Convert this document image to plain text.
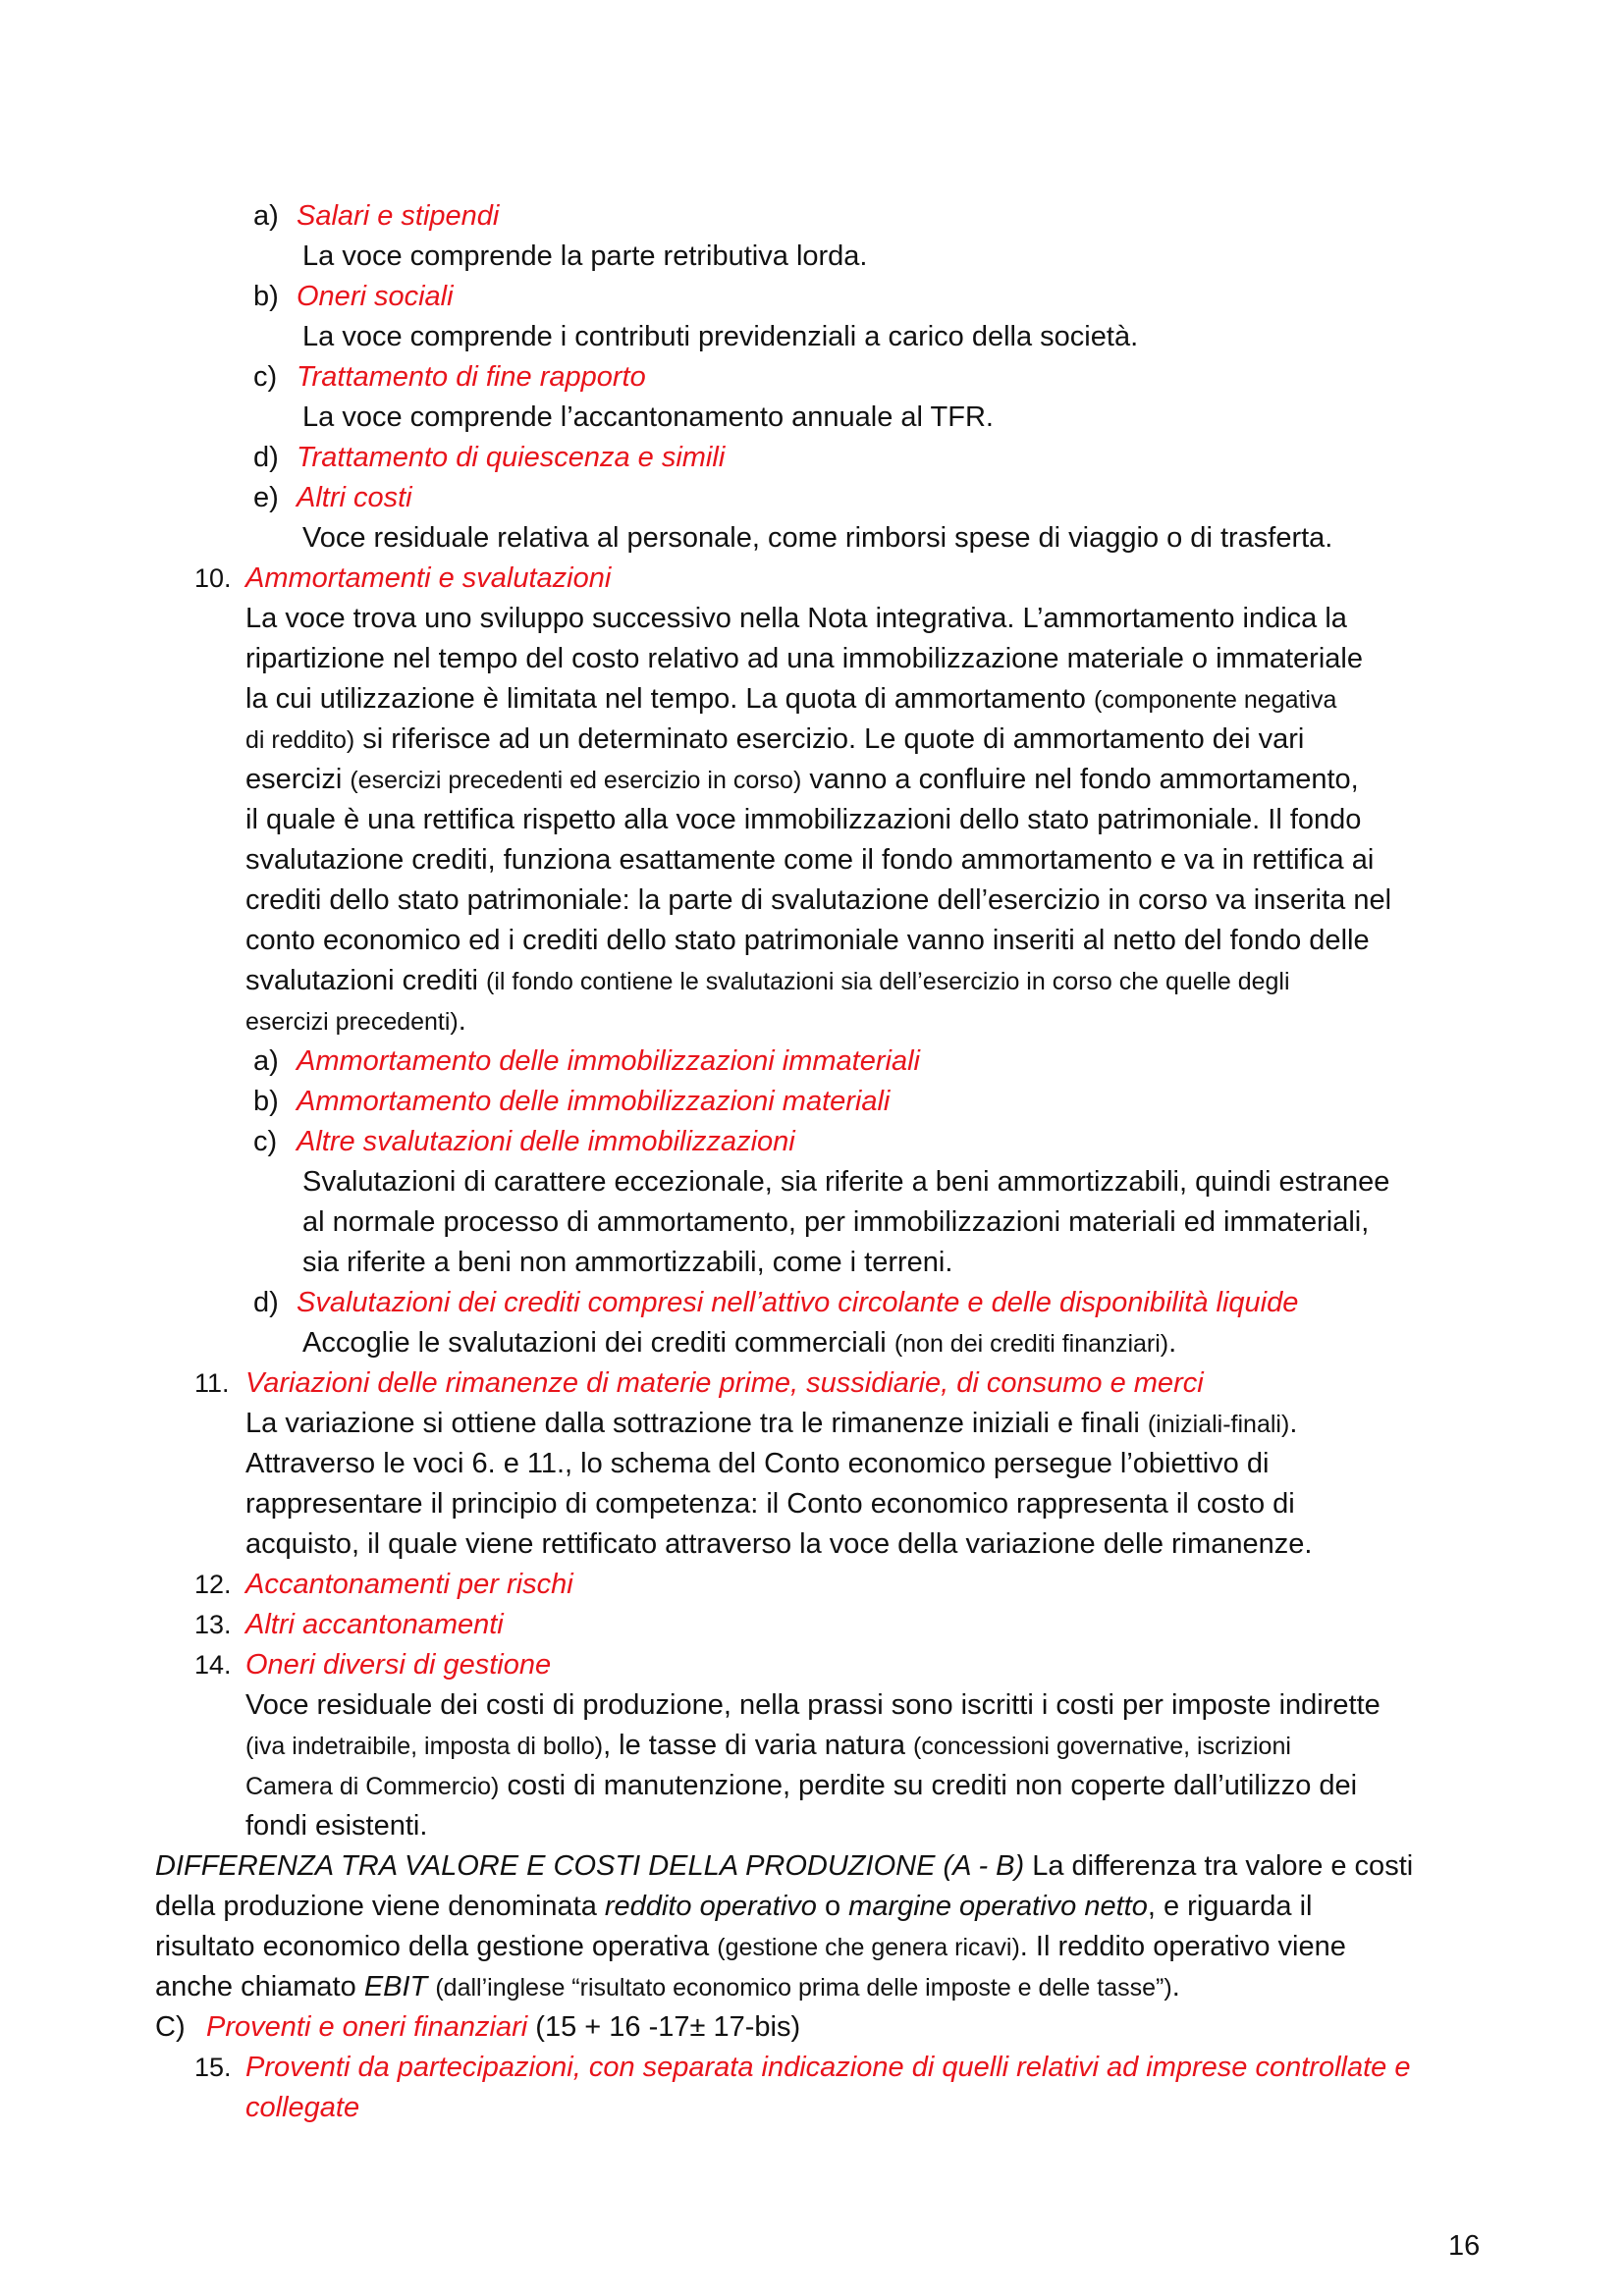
a) Salari e stipendi
La voce comprende la parte retributiva lorda.
b) Oneri sociali
La voce comprende i contributi previdenziali a carico della società.
c) Trattamento di fine rapporto
La voce comprende l’accantonamento annuale al TFR.
d) Trattamento di quiescenza e simili
e) Altri costi
Voce residuale relativa al personale, come rimborsi spese di viaggio o di trasferta.
10. Ammortamenti e svalutazioni
La voce trova uno sviluppo successivo nella Nota integrativa. L’ammortamento indica la
ripartizione nel tempo del costo relativo ad una immobilizzazione materiale o immateriale
la cui utilizzazione è limitata nel tempo. La quota di ammortamento (componente negativa
di reddito) si riferisce ad un determinato esercizio. Le quote di ammortamento dei vari
esercizi (esercizi precedenti ed esercizio in corso) vanno a confluire nel fondo ammortamento,
il quale è una rettifica rispetto alla voce immobilizzazioni dello stato patrimoniale. Il fondo
svalutazione crediti, funziona esattamente come il fondo ammortamento e va in rettifica ai
crediti dello stato patrimoniale: la parte di svalutazione dell’esercizio in corso va inserita nel
conto economico ed i crediti dello stato patrimoniale vanno inseriti al netto del fondo delle
svalutazioni crediti (il fondo contiene le svalutazioni sia dell’esercizio in corso che quelle degli
esercizi precedenti).
a) Ammortamento delle immobilizzazioni immateriali
b) Ammortamento delle immobilizzazioni materiali
c) Altre svalutazioni delle immobilizzazioni
Svalutazioni di carattere eccezionale, sia riferite a beni ammortizzabili, quindi estranee
al normale processo di ammortamento, per immobilizzazioni materiali ed immateriali,
sia riferite a beni non ammortizzabili, come i terreni.
d) Svalutazioni dei crediti compresi nell’attivo circolante e delle disponibilità liquide
Accoglie le svalutazioni dei crediti commerciali (non dei crediti finanziari).
11. Variazioni delle rimanenze di materie prime, sussidiarie, di consumo e merci
La variazione si ottiene dalla sottrazione tra le rimanenze iniziali e finali (iniziali-finali).
Attraverso le voci 6. e 11., lo schema del Conto economico persegue l’obiettivo di
rappresentare il principio di competenza: il Conto economico rappresenta il costo di
acquisto, il quale viene rettificato attraverso la voce della variazione delle rimanenze.
12. Accantonamenti per rischi
13. Altri accantonamenti
14. Oneri diversi di gestione
Voce residuale dei costi di produzione, nella prassi sono iscritti i costi per imposte indirette
(iva indetraibile, imposta di bollo), le tasse di varia natura (concessioni governative, iscrizioni
Camera di Commercio) costi di manutenzione, perdite su crediti non coperte dall’utilizzo dei
fondi esistenti.
DIFFERENZA TRA VALORE E COSTI DELLA PRODUZIONE (A - B) La differenza tra valore e costi
della produzione viene denominata reddito operativo o margine operativo netto, e riguarda il
risultato economico della gestione operativa (gestione che genera ricavi). Il reddito operativo viene
anche chiamato EBIT (dall’inglese “risultato economico prima delle imposte e delle tasse”).
C) Proventi e oneri finanziari (15 + 16 -17± 17-bis)
15. Proventi da partecipazioni, con separata indicazione di quelli relativi ad imprese controllate e
collegate
16
